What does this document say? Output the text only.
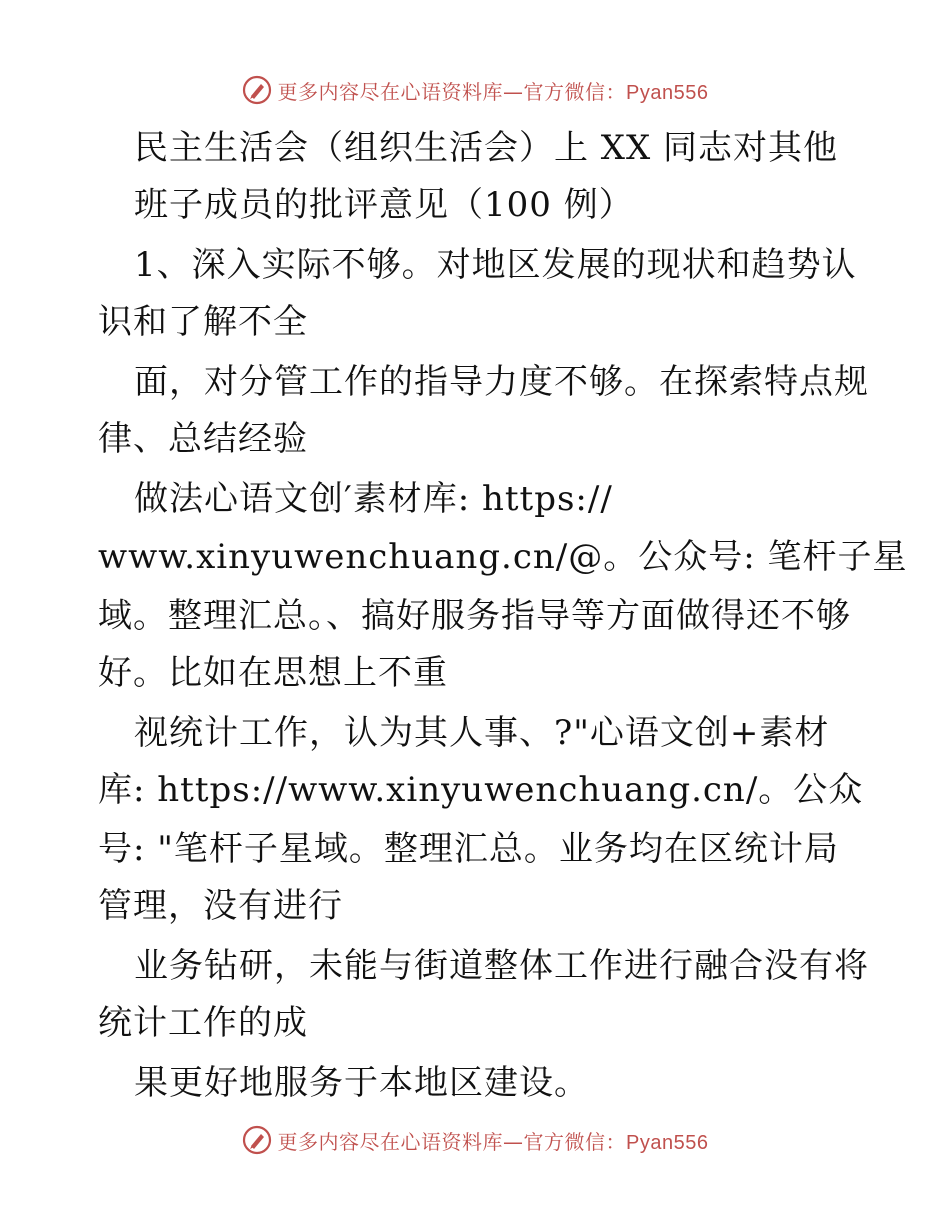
更多内容尽在心语资料库—官方微信：Pyan556
民主生活会（组织生活会）上 XX 同志对其他
班子成员的批评意见（100 例）
1、深入实际不够。对地区发展的现状和趋势认
识和了解不全
面，对分管工作的指导力度不够。在探索特点规
律、总结经验
做法心语文创′素材库: https://
www.xinyuwenchuang.cn/@。公众号: 笔杆子星
域。整理汇总。、搞好服务指导等方面做得还不够
好。比如在思想上不重
视统计工作，认为其人事、?"心语文创+素材
库: https://www.xinyuwenchuang.cn/。公众
号: "笔杆子星域。整理汇总。业务均在区统计局
管理，没有进行
业务钻研，未能与街道整体工作进行融合没有将
统计工作的成
果更好地服务于本地区建设。
更多内容尽在心语资料库—官方微信：Pyan556
